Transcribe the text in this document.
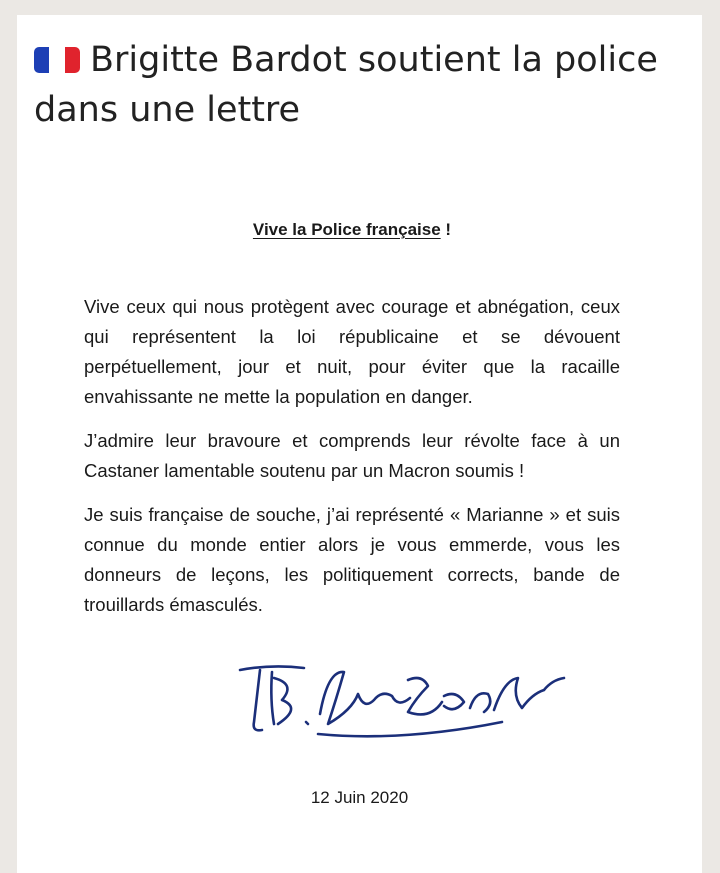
Brigitte Bardot soutient la police dans une lettre
Vive la Police française !

Vive ceux qui nous protègent avec courage et abnégation, ceux qui représentent la loi républicaine et se dévouent perpétuellement, jour et nuit, pour éviter que la racaille envahissante ne mette la population en danger.

J’admire leur bravoure et comprends leur révolte face à un Castaner lamentable soutenu par un Macron soumis !

Je suis française de souche, j’ai représenté « Marianne » et suis connue du monde entier alors je vous emmerde, vous les donneurs de leçons, les politiquement corrects, bande de trouillards émasculés.

12 Juin 2020
